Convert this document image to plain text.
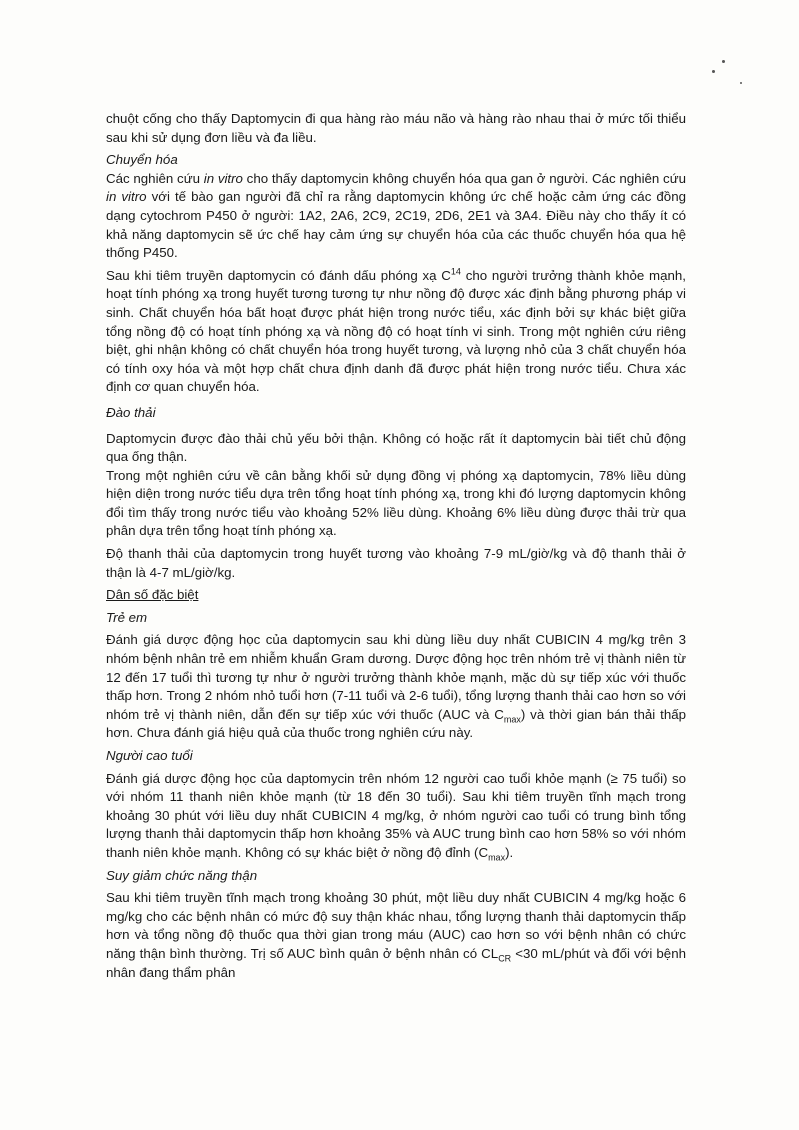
chuột cống cho thấy Daptomycin đi qua hàng rào máu não và hàng rào nhau thai ở mức tối thiểu sau khi sử dụng đơn liều và đa liều.

Chuyển hóa

Các nghiên cứu in vitro cho thấy daptomycin không chuyển hóa qua gan ở người. Các nghiên cứu in vitro với tế bào gan người đã chỉ ra rằng daptomycin không ức chế hoặc cảm ứng các đồng dạng cytochrom P450 ở người: 1A2, 2A6, 2C9, 2C19, 2D6, 2E1 và 3A4. Điều này cho thấy ít có khả năng daptomycin sẽ ức chế hay cảm ứng sự chuyển hóa của các thuốc chuyển hóa qua hệ thống P450.

Sau khi tiêm truyền daptomycin có đánh dấu phóng xạ $C^{14}$ cho người trưởng thành khỏe mạnh, hoạt tính phóng xạ trong huyết tương tương tự như nồng độ được xác định bằng phương pháp vi sinh. Chất chuyển hóa bất hoạt được phát hiện trong nước tiểu, xác định bởi sự khác biệt giữa tổng nồng độ có hoạt tính phóng xạ và nồng độ có hoạt tính vi sinh. Trong một nghiên cứu riêng biệt, ghi nhận không có chất chuyển hóa trong huyết tương, và lượng nhỏ của 3 chất chuyển hóa có tính oxy hóa và một hợp chất chưa định danh đã được phát hiện trong nước tiểu. Chưa xác định cơ quan chuyển hóa.

Đào thải

Daptomycin được đào thải chủ yếu bởi thận. Không có hoặc rất ít daptomycin bài tiết chủ động qua ống thận.

Trong một nghiên cứu về cân bằng khối sử dụng đồng vị phóng xạ daptomycin, 78% liều dùng hiện diện trong nước tiểu dựa trên tổng hoạt tính phóng xạ, trong khi đó lượng daptomycin không đổi tìm thấy trong nước tiểu vào khoảng 52% liều dùng. Khoảng 6% liều dùng được thải trừ qua phân dựa trên tổng hoạt tính phóng xạ.

Độ thanh thải của daptomycin trong huyết tương vào khoảng 7-9 mL/giờ/kg và độ thanh thải ở thận là 4-7 mL/giờ/kg.

Dân số đặc biệt

Trẻ em

Đánh giá dược động học của daptomycin sau khi dùng liều duy nhất CUBICIN 4 mg/kg trên 3 nhóm bệnh nhân trẻ em nhiễm khuẩn Gram dương. Dược động học trên nhóm trẻ vị thành niên từ 12 đến 17 tuổi thì tương tự như ở người trưởng thành khỏe mạnh, mặc dù sự tiếp xúc với thuốc thấp hơn. Trong 2 nhóm nhỏ tuổi hơn (7-11 tuổi và 2-6 tuổi), tổng lượng thanh thải cao hơn so với nhóm trẻ vị thành niên, dẫn đến sự tiếp xúc với thuốc (AUC và $C_{max}$) và thời gian bán thải thấp hơn. Chưa đánh giá hiệu quả của thuốc trong nghiên cứu này.

Người cao tuổi

Đánh giá dược động học của daptomycin trên nhóm 12 người cao tuổi khỏe mạnh (≥ 75 tuổi) so với nhóm 11 thanh niên khỏe mạnh (từ 18 đến 30 tuổi). Sau khi tiêm truyền tĩnh mạch trong khoảng 30 phút với liều duy nhất CUBICIN 4 mg/kg, ở nhóm người cao tuổi có trung bình tổng lượng thanh thải daptomycin thấp hơn khoảng 35% và AUC trung bình cao hơn 58% so với nhóm thanh niên khỏe mạnh. Không có sự khác biệt ở nồng độ đỉnh $(C_{max})$.

Suy giảm chức năng thận

Sau khi tiêm truyền tĩnh mạch trong khoảng 30 phút, một liều duy nhất CUBICIN 4 mg/kg hoặc 6 mg/kg cho các bệnh nhân có mức độ suy thận khác nhau, tổng lượng thanh thải daptomycin thấp hơn và tổng nồng độ thuốc qua thời gian trong máu (AUC) cao hơn so với bệnh nhân có chức năng thận bình thường. Trị số AUC bình quân ở bệnh nhân có $CL_{CR} <30$ mL/phút và đối với bệnh nhân đang thẩm phân
